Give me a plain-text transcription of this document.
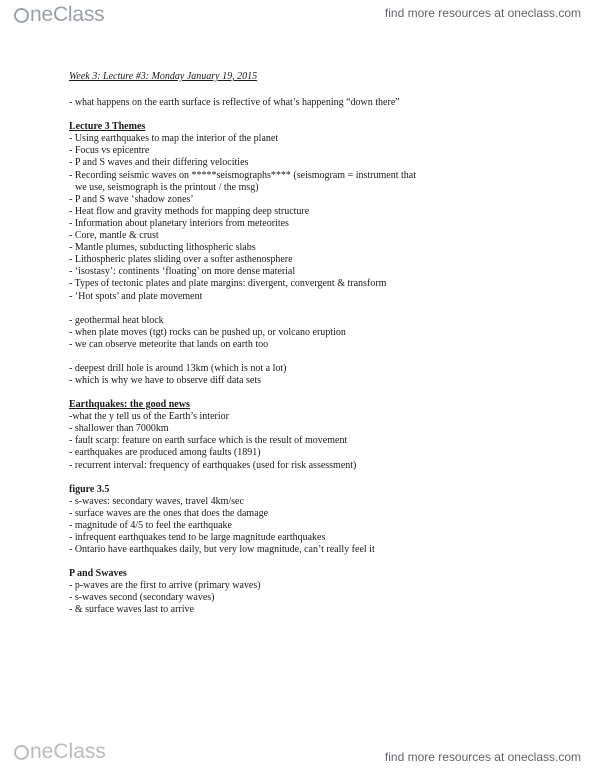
neClass	find more resources at oneclass.com

Week 3: Lecture #3: Monday January 19, 2015

- what happens on the earth surface is reflective of what’s happening “down there”

Lecture 3 Themes

- Using earthquakes to map the interior of the planet

- Focus vs epicentre

- P and S waves and their differing velocities

- Recording seismic waves on *****seismographs**** (seismogram = instrument that

we use, seismograph is the printout / the msg)

- P and S wave ‘shadow zones’

- Heat flow and gravity methods for mapping deep structure

- Information about planetary interiors from meteorites

- Core, mantle & crust

- Mantle plumes, subducting lithospheric slabs

- Lithospheric plates sliding over a softer asthenosphere

- ‘isostasy’: continents ‘floating’ on more dense material

- Types of tectonic plates and plate margins: divergent, convergent & transform

- ‘Hot spots’ and plate movement

- geothermal heat block

- when plate moves (tgt) rocks can be pushed up, or volcano eruption

- we can observe meteorite that lands on earth too

- deepest drill hole is around 13km (which is not a lot)

- which is why we have to observe diff data sets

Earthquakes: the good news

-what the y tell us of the Earth’s interior

- shallower than 7000km

- fault scarp: feature on earth surface which is the result of movement

- earthquakes are produced among faults (1891)

- recurrent interval: frequency of earthquakes (used for risk assessment)

figure 3.5

- s-waves: secondary waves, travel 4km/sec

- surface waves are the ones that does the damage

- magnitude of 4/5 to feel the earthquake

- infrequent earthquakes tend to be large magnitude earthquakes

- Ontario have earthquakes daily, but very low magnitude, can’t really feel it

P and Swaves

- p-waves are the first to arrive (primary waves)

- s-waves second (secondary waves)

- & surface waves last to arrive

neClass	find more resources at oneclass.com
